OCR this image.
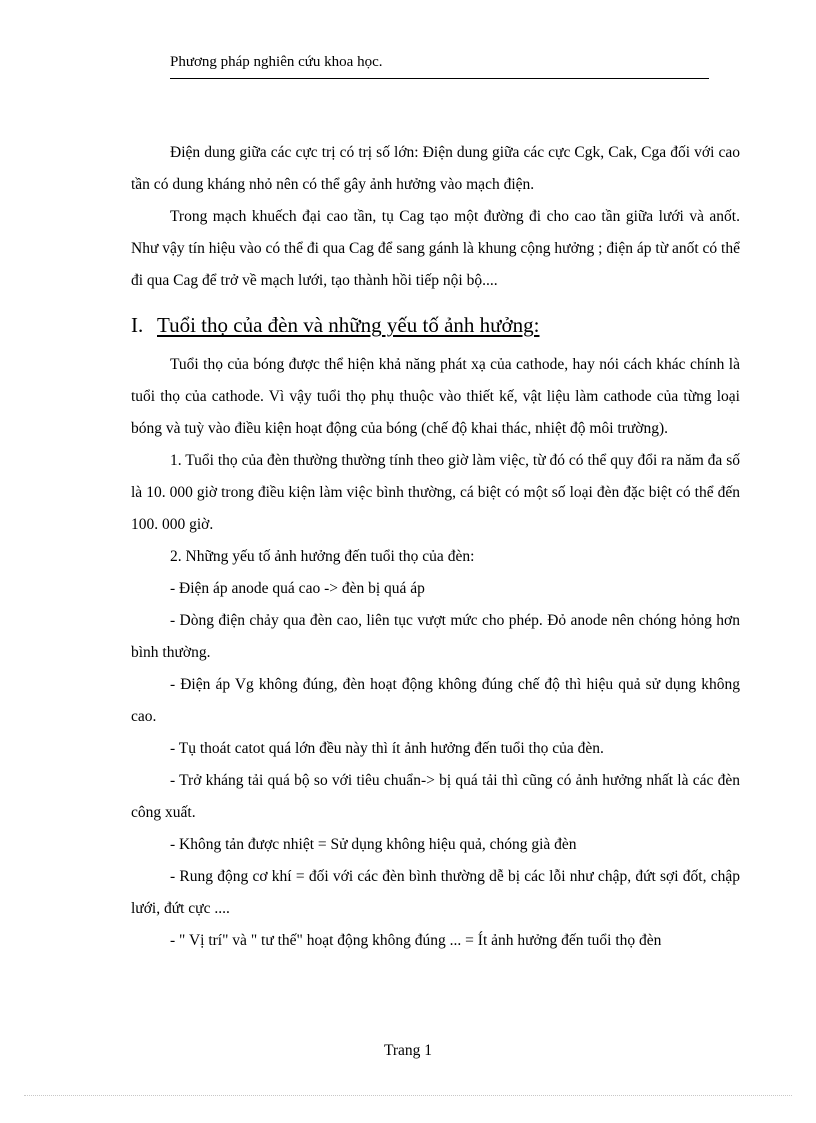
Phương pháp nghiên cứu khoa học.

Điện dung giữa các cực trị có trị số lớn: Điện dung giữa các cực Cgk, Cak, Cga đối với cao tần có dung kháng nhỏ nên có thể gây ảnh hưởng vào mạch điện.

Trong mạch khuếch đại cao tần, tụ Cag tạo một đường đi cho cao tần giữa lưới và anốt. Như vậy tín hiệu vào có thể đi qua Cag để sang gánh là khung cộng hưởng ; điện áp từ anốt có thể đi qua Cag để trở về mạch lưới, tạo thành hồi tiếp nội bộ....

I. Tuổi thọ của đèn và những yếu tố ảnh hưởng:

Tuổi thọ của bóng được thể hiện khả năng phát xạ của cathode, hay nói cách khác chính là tuổi thọ của cathode. Vì vậy tuổi thọ phụ thuộc vào thiết kế, vật liệu làm cathode của từng loại bóng và tuỳ vào điều kiện hoạt động của bóng (chế độ khai thác, nhiệt độ môi trường).

1. Tuổi thọ của đèn thường thường tính theo giờ làm việc, từ đó có thể quy đổi ra năm đa số là 10. 000 giờ trong điều kiện làm việc bình thường, cá biệt có một số loại đèn đặc biệt có thể đến 100. 000 giờ.

2. Những yếu tố ảnh hưởng đến tuổi thọ của đèn:

- Điện áp anode quá cao -> đèn bị quá áp

- Dòng điện chảy qua đèn cao, liên tục vượt mức cho phép. Đỏ anode nên chóng hỏng hơn bình thường.

- Điện áp Vg không đúng, đèn hoạt động không đúng chế độ thì hiệu quả sử dụng không cao.

- Tụ thoát catot quá lớn đều này thì ít ảnh hưởng đến tuổi thọ của đèn.

- Trở kháng tải quá bộ so với tiêu chuẩn-> bị quá tải thì cũng có ảnh hưởng nhất là các đèn công xuất.

- Không tản được nhiệt = Sử dụng không hiệu quả, chóng già đèn

- Rung động cơ khí = đối với các đèn bình thường dễ bị các lỗi như chập, đứt sợi đốt, chập lưới, đứt cực ....

- " Vị trí" và " tư thế" hoạt động không đúng ... = Ít ảnh hưởng đến tuổi thọ đèn

Trang 1
